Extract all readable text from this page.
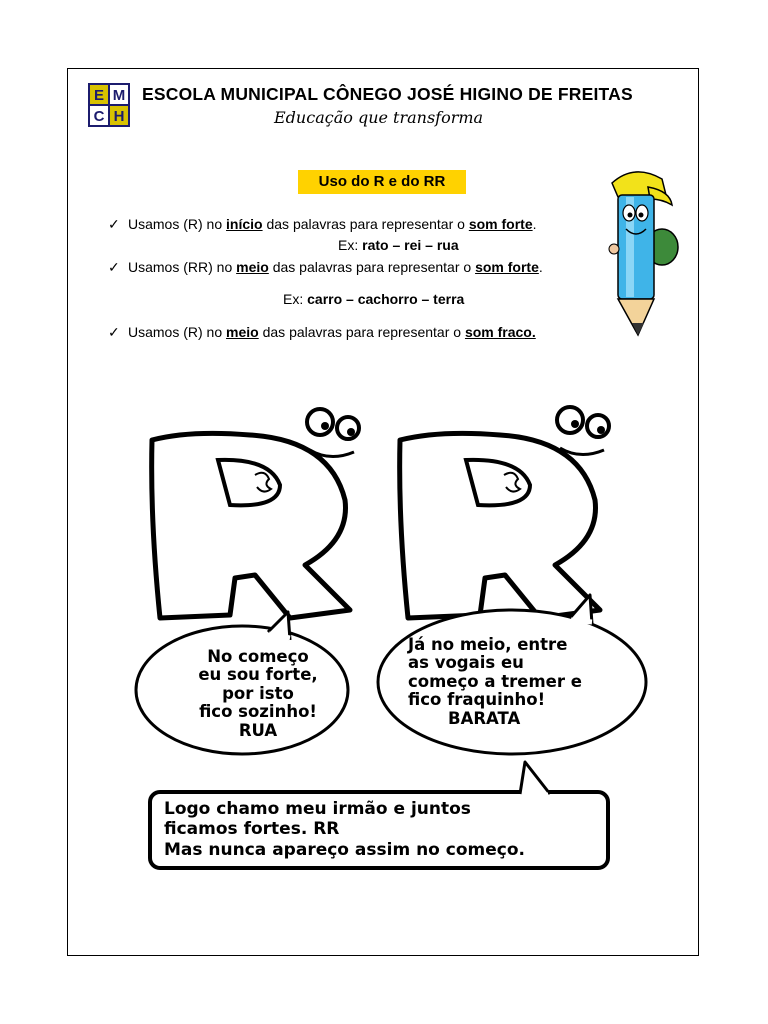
E M
C H
ESCOLA MUNICIPAL CÔNEGO JOSÉ HIGINO DE FREITAS
Educação que transforma
Uso do R e do RR
✓ Usamos (R) no início das palavras para representar o som forte.
Ex: rato – rei – rua
✓ Usamos (RR) no meio das palavras para representar o som forte.
Ex: carro – cachorro – terra
✓ Usamos (R) no meio das palavras para representar o som fraco.
No começo
eu sou forte,
por isto
fico sozinho!
RUA
Já no meio, entre
as vogais eu
começo a tremer e
fico fraquinho!
BARATA
Logo chamo meu irmão e juntos
ficamos fortes. RR
Mas nunca apareço assim no começo.
